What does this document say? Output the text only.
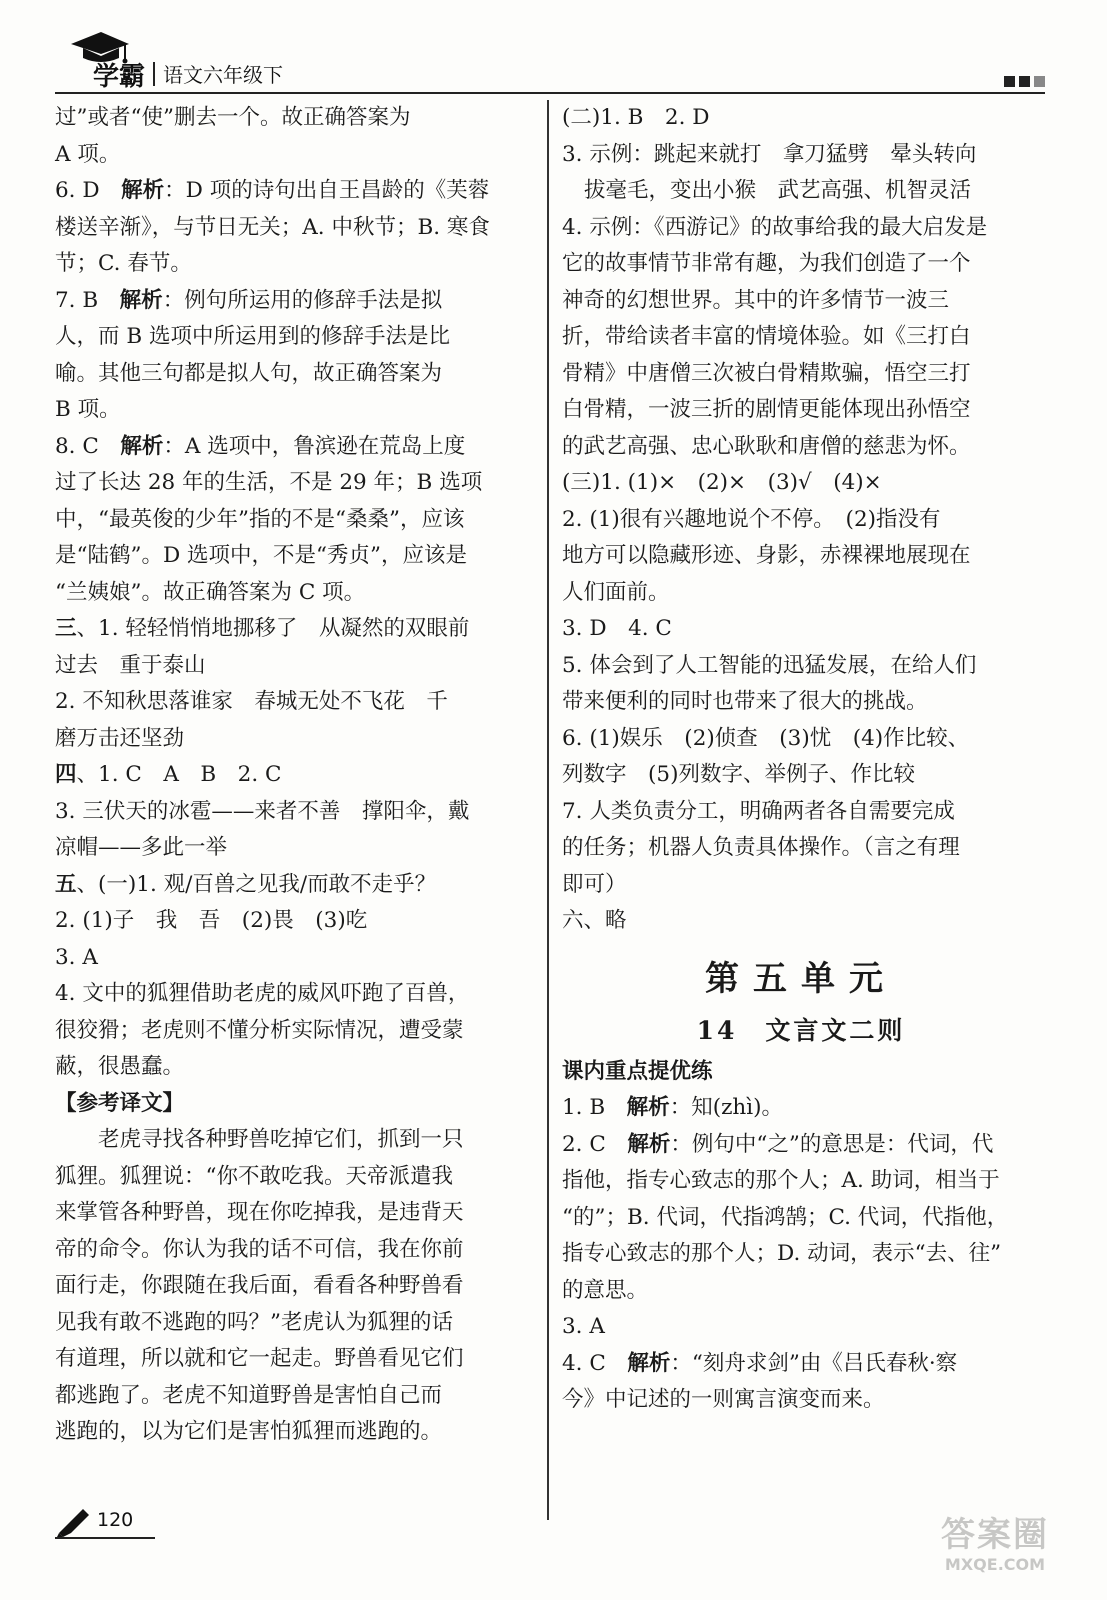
学霸 语文六年级下
过”或者“使”删去一个。故正确答案为
A 项。
6. D　 解析：D 项的诗句出自王昌龄的《芙蓉
楼送辛渐》，与节日无关；A. 中秋节；B. 寒食
节；C. 春节。
7. B　 解析：例句所运用的修辞手法是拟
人，而 B 选项中所运用到的修辞手法是比
喻。其他三句都是拟人句，故正确答案为
B 项。
8. C　 解析：A 选项中，鲁滨逊在荒岛上度
过了长达 28 年的生活，不是 29 年；B 选项
中，“最英俊的少年”指的不是“桑桑”，应该
是“陆鹤”。D 选项中，不是“秀贞”，应该是
“兰姨娘”。故正确答案为 C 项。
三、1. 轻轻悄悄地挪移了　从凝然的双眼前
过去　重于泰山
2. 不知秋思落谁家　春城无处不飞花　千
磨万击还坚劲
四、1. C　A　B　2. C
3. 三伏天的冰雹——来者不善　撑阳伞，戴
凉帽——多此一举
五、(一)1. 观/百兽之见我/而敢不走乎？
2. (1)子　我　吾　(2)畏　(3)吃
3. A
4. 文中的狐狸借助老虎的威风吓跑了百兽，
很狡猾；老虎则不懂分析实际情况，遭受蒙
蔽，很愚蠢。
【参考译文】
老虎寻找各种野兽吃掉它们，抓到一只
狐狸。狐狸说：“你不敢吃我。天帝派遣我
来掌管各种野兽，现在你吃掉我，是违背天
帝的命令。你认为我的话不可信，我在你前
面行走，你跟随在我后面，看看各种野兽看
见我有敢不逃跑的吗？”老虎认为狐狸的话
有道理，所以就和它一起走。野兽看见它们
都逃跑了。老虎不知道野兽是害怕自己而
逃跑的，以为它们是害怕狐狸而逃跑的。
(二)1. B　2. D
3. 示例：跳起来就打　拿刀猛劈　晕头转向
拔毫毛，变出小猴　武艺高强、机智灵活
4. 示例：《西游记》的故事给我的最大启发是
它的故事情节非常有趣，为我们创造了一个
神奇的幻想世界。其中的许多情节一波三
折，带给读者丰富的情境体验。如《三打白
骨精》中唐僧三次被白骨精欺骗，悟空三打
白骨精，一波三折的剧情更能体现出孙悟空
的武艺高强、忠心耿耿和唐僧的慈悲为怀。
(三)1. (1)×　(2)×　(3)√　(4)×
2. (1)很有兴趣地说个不停。　(2)指没有
地方可以隐藏形迹、身影，赤裸裸地展现在
人们面前。
3. D　4. C
5. 体会到了人工智能的迅猛发展，在给人们
带来便利的同时也带来了很大的挑战。
6. (1)娱乐　(2)侦查　(3)忧　(4)作比较、
列数字　(5)列数字、举例子、作比较
7. 人类负责分工，明确两者各自需要完成
的任务；机器人负责具体操作。（言之有理
即可）
六、略
第五单元
14　 文言文二则
课内重点提优练
1. B　 解析：知(zhì)。
2. C　 解析：例句中“之”的意思是：代词，代
指他，指专心致志的那个人；A. 助词，相当于
“的”；B. 代词，代指鸿鹄；C. 代词，代指他，
指专心致志的那个人；D. 动词，表示“去、往”
的意思。
3. A
4. C　 解析：“刻舟求剑”由《吕氏春秋·察
今》中记述的一则寓言演变而来。
120	答案圈
MXQE.COM
